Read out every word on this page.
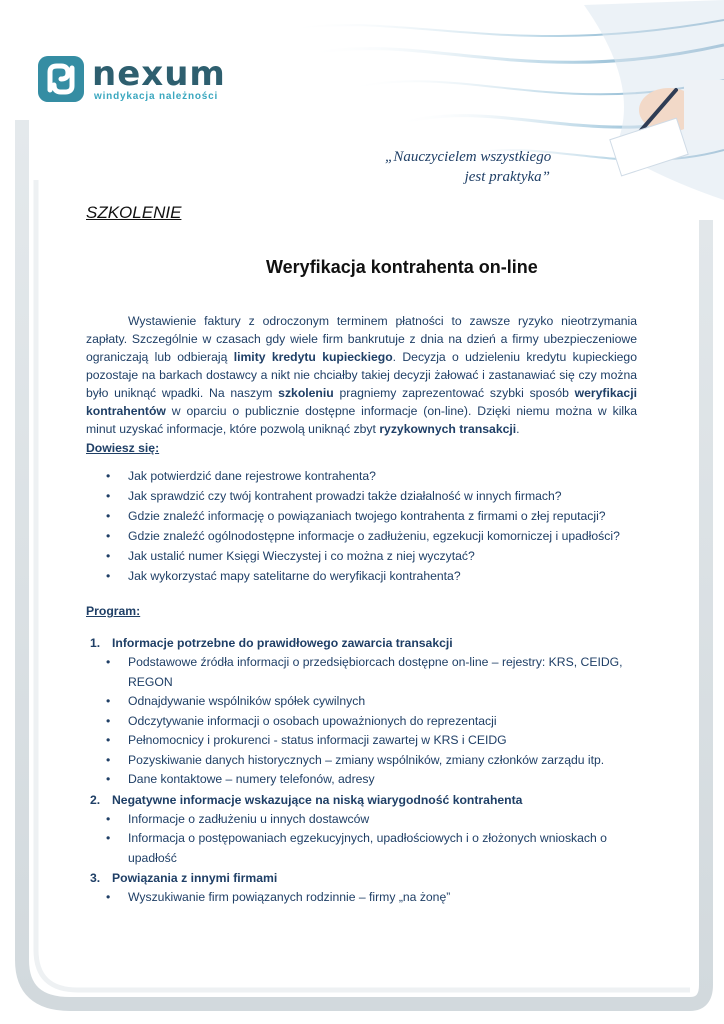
nexum
windykacja należności
„Nauczycielem wszystkiego
jest praktyka”
SZKOLENIE
Weryfikacja kontrahenta on-line
Wystawienie faktury z odroczonym terminem płatności to zawsze ryzyko nieotrzymania zapłaty. Szczególnie w czasach gdy wiele firm bankrutuje z dnia na dzień a firmy ubezpieczeniowe ograniczają lub odbierają limity kredytu kupieckiego. Decyzja o udzieleniu kredytu kupieckiego pozostaje na barkach dostawcy a nikt nie chciałby takiej decyzji żałować i zastanawiać się czy można było uniknąć wpadki. Na naszym szkoleniu pragniemy zaprezentować szybki sposób weryfikacji kontrahentów w oparciu o publicznie dostępne informacje (on-line). Dzięki niemu można w kilka minut uzyskać informacje, które pozwolą uniknąć zbyt ryzykownych transakcji.
Dowiesz się:
• Jak potwierdzić dane rejestrowe kontrahenta?
• Jak sprawdzić czy twój kontrahent prowadzi także działalność w innych firmach?
• Gdzie znaleźć informację o powiązaniach twojego kontrahenta z firmami o złej reputacji?
• Gdzie znaleźć ogólnodostępne informacje o zadłużeniu, egzekucji komorniczej i upadłości?
• Jak ustalić numer Księgi Wieczystej i co można z niej wyczytać?
• Jak wykorzystać mapy satelitarne do weryfikacji kontrahenta?
Program:
1. Informacje potrzebne do prawidłowego zawarcia transakcji
• Podstawowe źródła informacji o przedsiębiorcach dostępne on-line – rejestry: KRS, CEIDG, REGON
• Odnajdywanie wspólników spółek cywilnych
• Odczytywanie informacji o osobach upoważnionych do reprezentacji
• Pełnomocnicy i prokurenci - status informacji zawartej w KRS i CEIDG
• Pozyskiwanie danych historycznych – zmiany wspólników, zmiany członków zarządu itp.
• Dane kontaktowe – numery telefonów, adresy
2. Negatywne informacje wskazujące na niską wiarygodność kontrahenta
• Informacje o zadłużeniu u innych dostawców
• Informacja o postępowaniach egzekucyjnych, upadłościowych i o złożonych wnioskach o upadłość
3. Powiązania z innymi firmami
• Wyszukiwanie firm powiązanych rodzinnie – firmy „na żonę”
